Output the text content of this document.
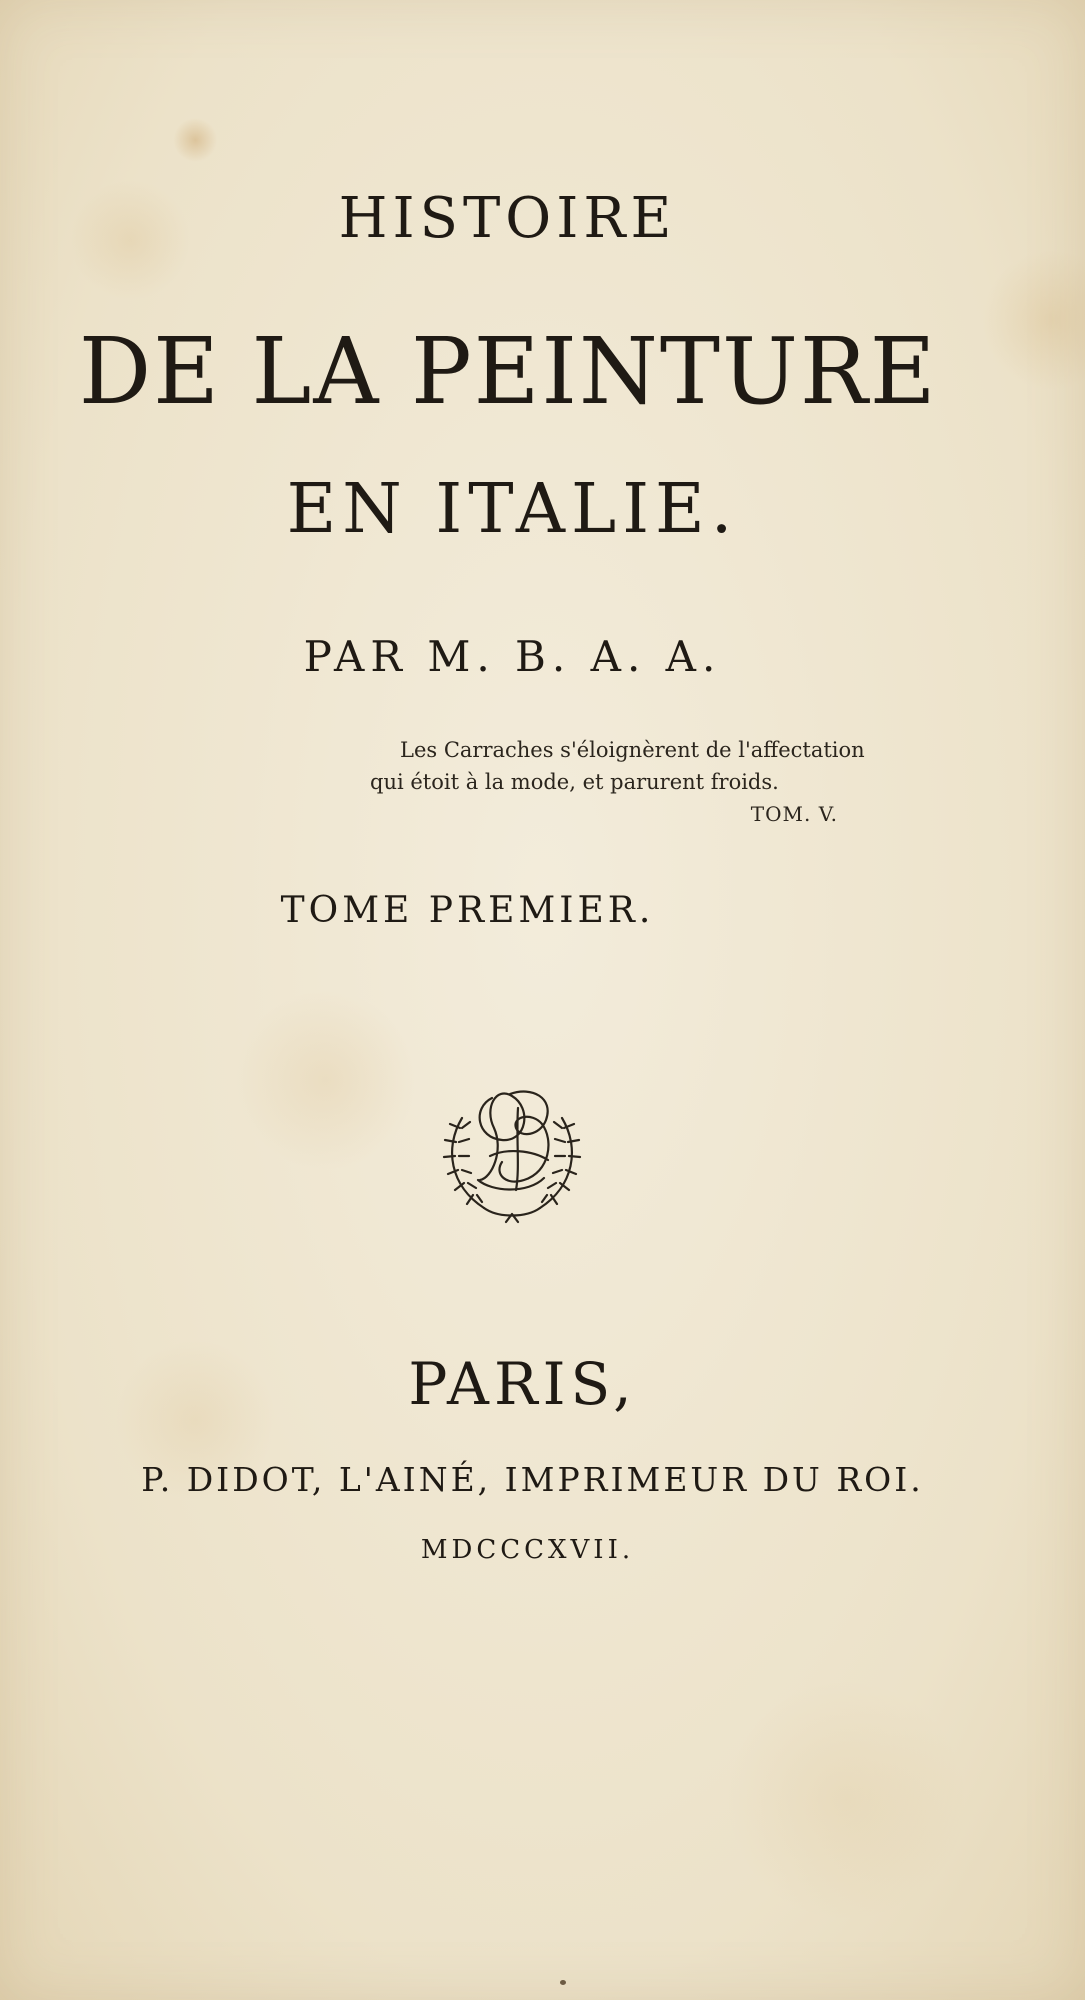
HISTOIRE
DE LA PEINTURE
EN ITALIE.
PAR M. B. A. A.
Les Carraches s'éloignèrent de l'affectation
qui étoit à la mode, et parurent froids.
TOM. V.
TOME PREMIER.
PARIS,
P. DIDOT, L'AINÉ, IMPRIMEUR DU ROI.
MDCCCXVII.
